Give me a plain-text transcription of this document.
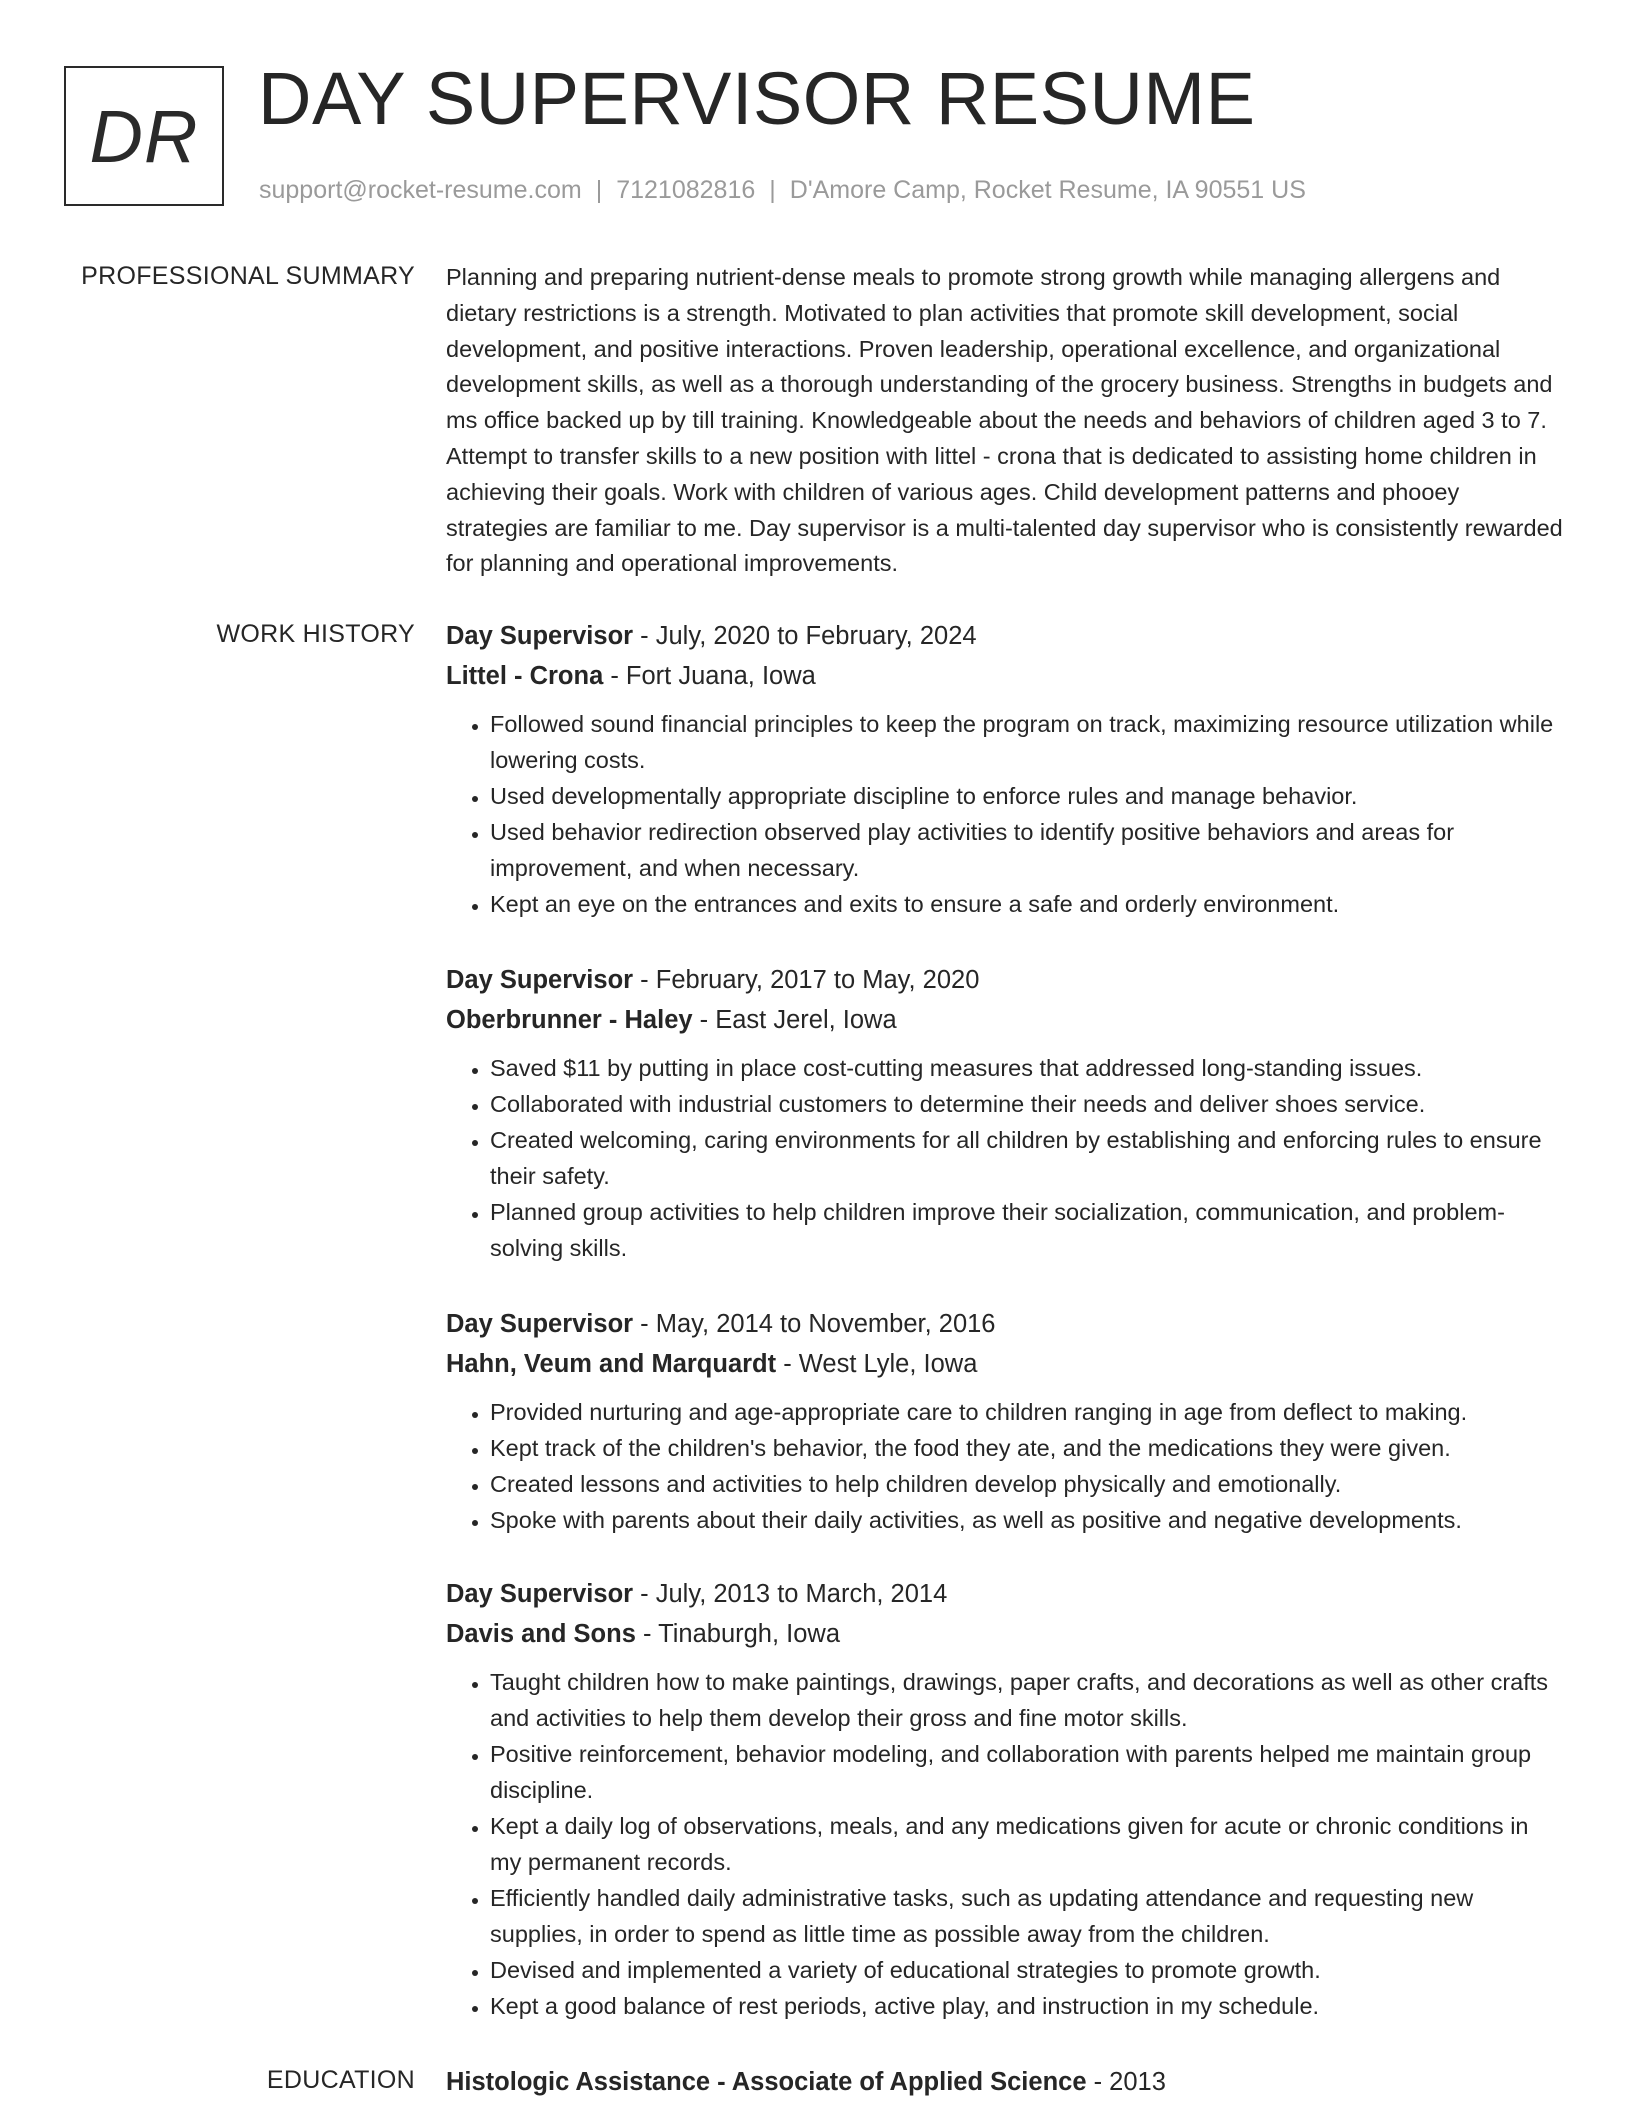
DR DAY SUPERVISOR RESUME
support@rocket-resume.com | 7121082816 | D'Amore Camp, Rocket Resume, IA 90551 US
PROFESSIONAL SUMMARY Planning and preparing nutrient-dense meals to promote strong growth while managing allergens and dietary restrictions is a strength. Motivated to plan activities that promote skill development, social development, and positive interactions. Proven leadership, operational excellence, and organizational development skills, as well as a thorough understanding of the grocery business. Strengths in budgets and ms office backed up by till training. Knowledgeable about the needs and behaviors of children aged 3 to 7. Attempt to transfer skills to a new position with littel - crona that is dedicated to assisting home children in achieving their goals. Work with children of various ages. Child development patterns and phooey strategies are familiar to me. Day supervisor is a multi-talented day supervisor who is consistently rewarded for planning and operational improvements.

WORK HISTORY Day Supervisor - July, 2020 to February, 2024
Littel - Crona - Fort Juana, Iowa
• Followed sound financial principles to keep the program on track, maximizing resource utilization while lowering costs.
• Used developmentally appropriate discipline to enforce rules and manage behavior.
• Used behavior redirection observed play activities to identify positive behaviors and areas for improvement, and when necessary.
• Kept an eye on the entrances and exits to ensure a safe and orderly environment.
Day Supervisor - February, 2017 to May, 2020
Oberbrunner - Haley - East Jerel, Iowa
• Saved $11 by putting in place cost-cutting measures that addressed long-standing issues.
• Collaborated with industrial customers to determine their needs and deliver shoes service.
• Created welcoming, caring environments for all children by establishing and enforcing rules to ensure their safety.
• Planned group activities to help children improve their socialization, communication, and problem-solving skills.
Day Supervisor - May, 2014 to November, 2016
Hahn, Veum and Marquardt - West Lyle, Iowa
• Provided nurturing and age-appropriate care to children ranging in age from deflect to making.
• Kept track of the children's behavior, the food they ate, and the medications they were given.
• Created lessons and activities to help children develop physically and emotionally.
• Spoke with parents about their daily activities, as well as positive and negative developments.
Day Supervisor - July, 2013 to March, 2014
Davis and Sons - Tinaburgh, Iowa
• Taught children how to make paintings, drawings, paper crafts, and decorations as well as other crafts and activities to help them develop their gross and fine motor skills.
• Positive reinforcement, behavior modeling, and collaboration with parents helped me maintain group discipline.
• Kept a daily log of observations, meals, and any medications given for acute or chronic conditions in my permanent records.
• Efficiently handled daily administrative tasks, such as updating attendance and requesting new supplies, in order to spend as little time as possible away from the children.
• Devised and implemented a variety of educational strategies to promote growth.
• Kept a good balance of rest periods, active play, and instruction in my schedule.
EDUCATION Histologic Assistance - Associate of Applied Science - 2013
